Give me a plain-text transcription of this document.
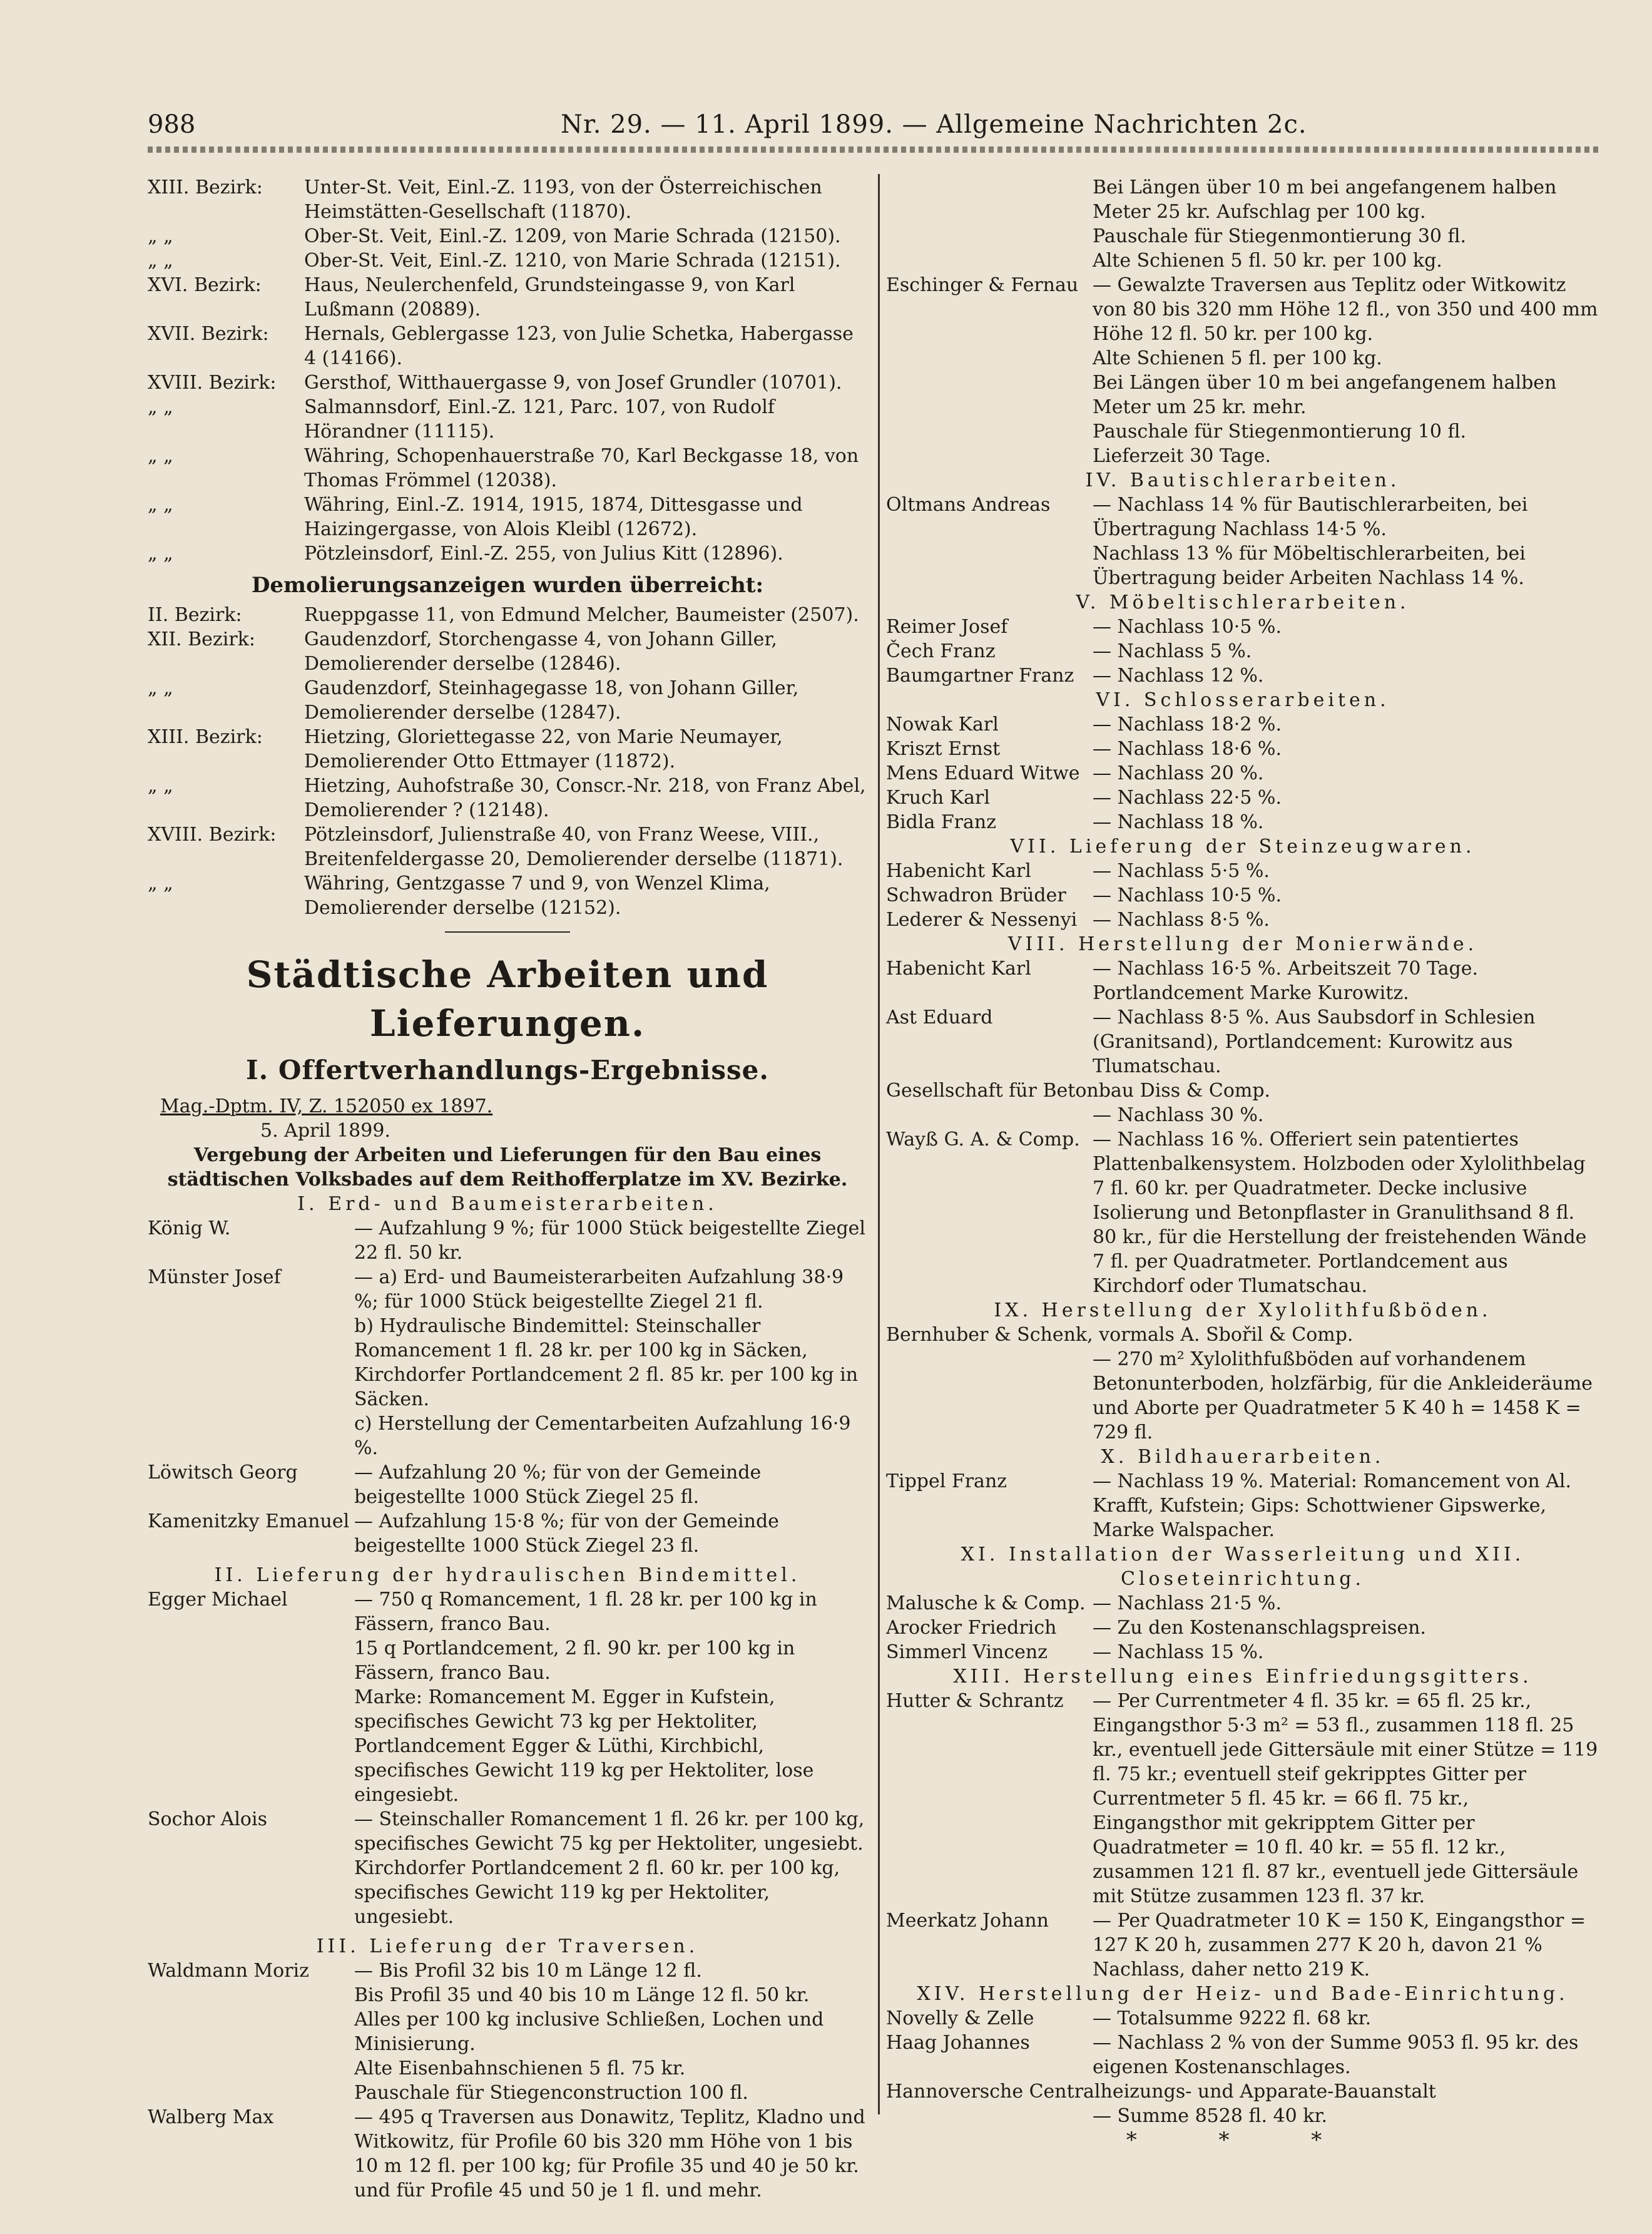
988	Nr. 29. — 11. April 1899. — Allgemeine Nachrichten 2c.
XIII. Bezirk:	Unter-St. Veit, Einl.-Z. 1193, von der Österreichischen Heimstätten-Gesellschaft (11870).
„ „	Ober-St. Veit, Einl.-Z. 1209, von Marie Schrada (12150).
„ „	Ober-St. Veit, Einl.-Z. 1210, von Marie Schrada (12151).
XVI. Bezirk:	Haus, Neulerchenfeld, Grundsteingasse 9, von Karl Lußmann (20889).
XVII. Bezirk:	Hernals, Geblergasse 123, von Julie Schetka, Habergasse 4 (14166).
XVIII. Bezirk:	Gersthof, Witthauergasse 9, von Josef Grundler (10701).
„ „	Salmannsdorf, Einl.-Z. 121, Parc. 107, von Rudolf Hörandner (11115).
„ „	Währing, Schopenhauerstraße 70, Karl Beckgasse 18, von Thomas Frömmel (12038).
„ „	Währing, Einl.-Z. 1914, 1915, 1874, Dittesgasse und Haizingergasse, von Alois Kleibl (12672).
„ „	Pötzleinsdorf, Einl.-Z. 255, von Julius Kitt (12896).
Demolierungsanzeigen wurden überreicht:
II. Bezirk:	Rueppgasse 11, von Edmund Melcher, Baumeister (2507).
XII. Bezirk:	Gaudenzdorf, Storchengasse 4, von Johann Giller, Demolierender derselbe (12846).
„ „	Gaudenzdorf, Steinhagegasse 18, von Johann Giller, Demolierender derselbe (12847).
XIII. Bezirk:	Hietzing, Gloriettegasse 22, von Marie Neumayer, Demolierender Otto Ettmayer (11872).
„ „	Hietzing, Auhofstraße 30, Conscr.-Nr. 218, von Franz Abel, Demolierender ? (12148).
XVIII. Bezirk:	Pötzleinsdorf, Julienstraße 40, von Franz Weese, VIII., Breitenfeldergasse 20, Demolierender derselbe (11871).
„ „	Währing, Gentzgasse 7 und 9, von Wenzel Klima, Demolierender derselbe (12152).
Städtische Arbeiten und Lieferungen.
I. Offertverhandlungs-Ergebnisse.
Mag.-Dptm. IV, Z. 152050 ex 1897.
5. April 1899.
Vergebung der Arbeiten und Lieferungen für den Bau eines städtischen Volksbades auf dem Reithofferplatze im XV. Bezirke.
I. Erd- und Baumeisterarbeiten.
König W.	— Aufzahlung 9 %; für 1000 Stück beigestellte Ziegel 22 fl. 50 kr.
Münster Josef	— a) Erd- und Baumeisterarbeiten Aufzahlung 38·9 %; für 1000 Stück beigestellte Ziegel 21 fl.
b) Hydraulische Bindemittel: Steinschaller Romancement 1 fl. 28 kr. per 100 kg in Säcken, Kirchdorfer Portlandcement 2 fl. 85 kr. per 100 kg in Säcken.
c) Herstellung der Cementarbeiten Aufzahlung 16·9 %.
Löwitsch Georg	— Aufzahlung 20 %; für von der Gemeinde beigestellte 1000 Stück Ziegel 25 fl.
Kamenitzky Emanuel — Aufzahlung 15·8 %; für von der Gemeinde beigestellte 1000 Stück Ziegel 23 fl.
II. Lieferung der hydraulischen Bindemittel.
Egger Michael	— 750 q Romancement, 1 fl. 28 kr. per 100 kg in Fässern, franco Bau.
15 q Portlandcement, 2 fl. 90 kr. per 100 kg in Fässern, franco Bau.
Marke: Romancement M. Egger in Kufstein, specifisches Gewicht 73 kg per Hektoliter, Portlandcement Egger & Lüthi, Kirchbichl, specifisches Gewicht 119 kg per Hektoliter, lose eingesiebt.
Sochor Alois	— Steinschaller Romancement 1 fl. 26 kr. per 100 kg, specifisches Gewicht 75 kg per Hektoliter, ungesiebt.
Kirchdorfer Portlandcement 2 fl. 60 kr. per 100 kg, specifisches Gewicht 119 kg per Hektoliter, ungesiebt.
III. Lieferung der Traversen.
Waldmann Moriz	— Bis Profil 32 bis 10 m Länge 12 fl.
Bis Profil 35 und 40 bis 10 m Länge 12 fl. 50 kr.
Alles per 100 kg inclusive Schließen, Lochen und Minisierung.
Alte Eisenbahnschienen 5 fl. 75 kr.
Pauschale für Stiegenconstruction 100 fl.
Walberg Max	— 495 q Traversen aus Donawitz, Teplitz, Kladno und Witkowitz, für Profile 60 bis 320 mm Höhe von 1 bis 10 m 12 fl. per 100 kg; für Profile 35 und 40 je 50 kr. und für Profile 45 und 50 je 1 fl. und mehr.
Bei Längen über 10 m bei angefangenem halben Meter 25 kr. Aufschlag per 100 kg.
Pauschale für Stiegenmontierung 30 fl.
Alte Schienen 5 fl. 50 kr. per 100 kg.
Eschinger & Fernau — Gewalzte Traversen aus Teplitz oder Witkowitz von 80 bis 320 mm Höhe 12 fl., von 350 und 400 mm Höhe 12 fl. 50 kr. per 100 kg.
Alte Schienen 5 fl. per 100 kg.
Bei Längen über 10 m bei angefangenem halben Meter um 25 kr. mehr.
Pauschale für Stiegenmontierung 10 fl.
Lieferzeit 30 Tage.
IV. Bautischlerarbeiten.
Oltmans Andreas	— Nachlass 14 % für Bautischlerarbeiten, bei Übertragung Nachlass 14·5 %.
Nachlass 13 % für Möbeltischlerarbeiten, bei Übertragung beider Arbeiten Nachlass 14 %.
V. Möbeltischlerarbeiten.
Reimer Josef	— Nachlass 10·5 %.
Čech Franz	— Nachlass 5 %.
Baumgartner Franz — Nachlass 12 %.
VI. Schlosserarbeiten.
Nowak Karl	— Nachlass 18·2 %.
Kriszt Ernst	— Nachlass 18·6 %.
Mens Eduard Witwe — Nachlass 20 %.
Kruch Karl	— Nachlass 22·5 %.
Bidla Franz	— Nachlass 18 %.
VII. Lieferung der Steinzeugwaren.
Habenicht Karl	— Nachlass 5·5 %.
Schwadron Brüder	— Nachlass 10·5 %.
Lederer & Nessenyi — Nachlass 8·5 %.
VIII. Herstellung der Monierwände.
Habenicht Karl	— Nachlass 16·5 %. Arbeitszeit 70 Tage. Portlandcement Marke Kurowitz.
Ast Eduard	— Nachlass 8·5 %. Aus Saubsdorf in Schlesien (Granitsand), Portlandcement: Kurowitz aus Tlumatschau.
Gesellschaft für Betonbau Diss & Comp.
— Nachlass 30 %.
Wayß G. A. & Comp. — Nachlass 16 %. Offeriert sein patentiertes Plattenbalkensystem. Holzboden oder Xylolithbelag 7 fl. 60 kr. per Quadratmeter. Decke inclusive Isolierung und Betonpflaster in Granulithsand 8 fl. 80 kr., für die Herstellung der freistehenden Wände 7 fl. per Quadratmeter. Portlandcement aus Kirchdorf oder Tlumatschau.
IX. Herstellung der Xylolithfußböden.
Bernhuber & Schenk, vormals A. Sbořil & Comp.
— 270 m² Xylolithfußböden auf vorhandenem Betonunterboden, holzfärbig, für die Ankleideräume und Aborte per Quadratmeter 5 K 40 h = 1458 K = 729 fl.
X. Bildhauerarbeiten.
Tippel Franz	— Nachlass 19 %. Material: Romancement von Al. Krafft, Kufstein; Gips: Schottwiener Gipswerke, Marke Walspacher.
XI. Installation der Wasserleitung und XII. Closeteinrichtung.
Malusche k & Comp. — Nachlass 21·5 %.
Arocker Friedrich	— Zu den Kostenanschlagspreisen.
Simmerl Vincenz	— Nachlass 15 %.
XIII. Herstellung eines Einfriedungsgitters.
Hutter & Schrantz	— Per Currentmeter 4 fl. 35 kr. = 65 fl. 25 kr., Eingangsthor 5·3 m² = 53 fl., zusammen 118 fl. 25 kr., eventuell jede Gittersäule mit einer Stütze = 119 fl. 75 kr.; eventuell steif gekripptes Gitter per Currentmeter 5 fl. 45 kr. = 66 fl. 75 kr., Eingangsthor mit gekripptem Gitter per Quadratmeter = 10 fl. 40 kr. = 55 fl. 12 kr., zusammen 121 fl. 87 kr., eventuell jede Gittersäule mit Stütze zusammen 123 fl. 37 kr.
Meerkatz Johann	— Per Quadratmeter 10 K = 150 K, Eingangsthor = 127 K 20 h, zusammen 277 K 20 h, davon 21 % Nachlass, daher netto 219 K.
XIV. Herstellung der Heiz- und Bade-Einrichtung.
Novelly & Zelle	— Totalsumme 9222 fl. 68 kr.
Haag Johannes	— Nachlass 2 % von der Summe 9053 fl. 95 kr. des eigenen Kostenanschlages.
Hannoversche Centralheizungs- und Apparate-Bauanstalt
— Summe 8528 fl. 40 kr.
* * *
